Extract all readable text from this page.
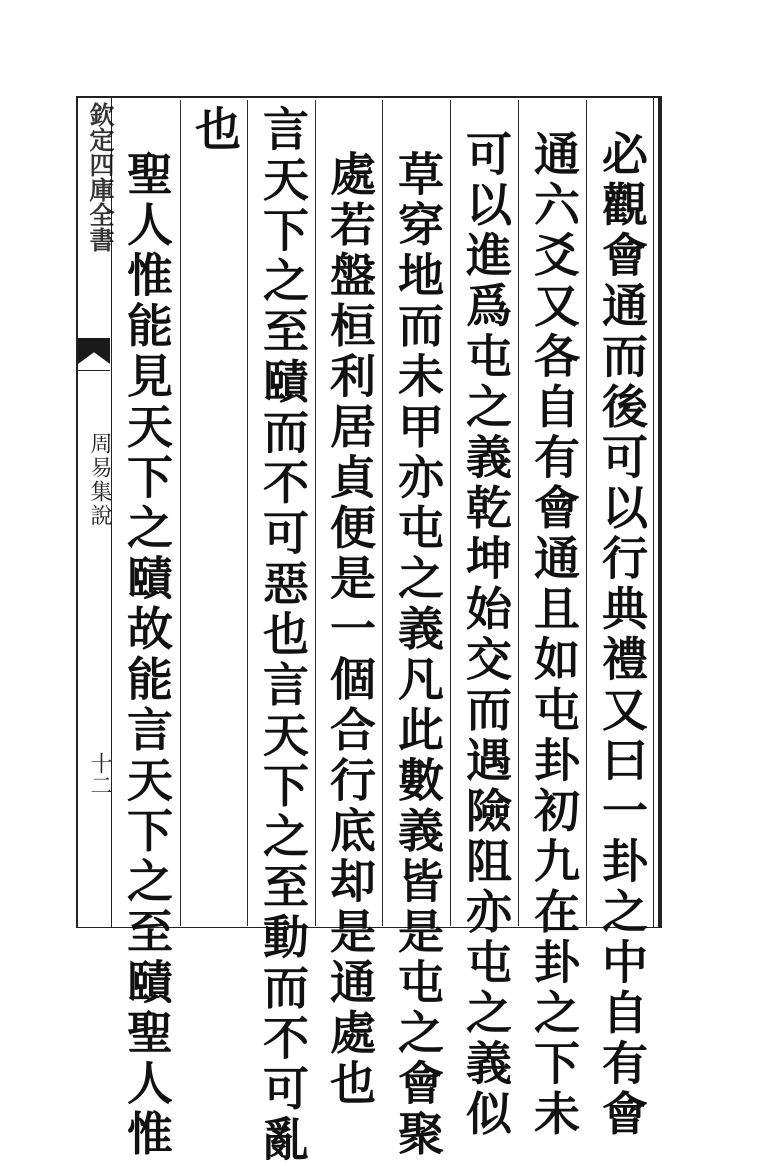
欽定四庫全書
周易集說
十二	必觀會通而後可以行典禮又曰一卦之中自有會
通六爻又各自有會通且如屯卦初九在卦之下未
可以進爲屯之義乾坤始交而遇險阻亦屯之義似
草穿地而未甲亦屯之義凡此數義皆是屯之會聚
處若盤桓利居貞便是一個合行底却是通處也
言天下之至賾而不可惡也言天下之至動而不可亂
也
聖人惟能見天下之賾故能言天下之至賾聖人惟
